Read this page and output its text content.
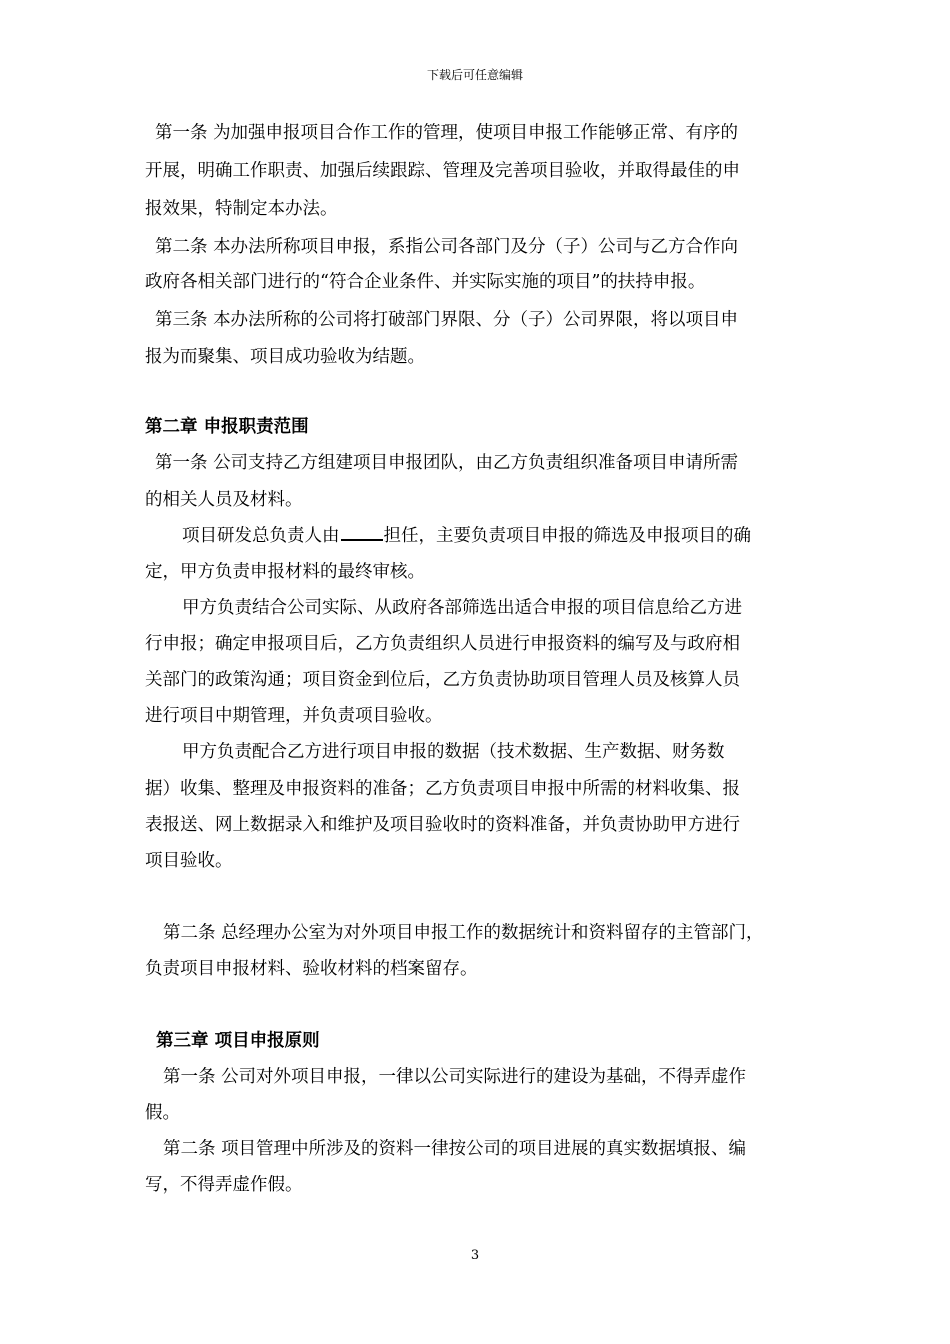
下载后可任意编辑
第一条 为加强申报项目合作工作的管理，使项目申报工作能够正常、有序的
开展，明确工作职责、加强后续跟踪、管理及完善项目验收，并取得最佳的申
报效果，特制定本办法。
第二条 本办法所称项目申报，系指公司各部门及分（子）公司与乙方合作向
政府各相关部门进行的“符合企业条件、并实际实施的项目”的扶持申报。
第三条 本办法所称的公司将打破部门界限、分（子）公司界限，将以项目申
报为而聚集、项目成功验收为结题。
第二章 申报职责范围
第一条 公司支持乙方组建项目申报团队，由乙方负责组织准备项目申请所需
的相关人员及材料。
项目研发总负责人由	担任，主要负责项目申报的筛选及申报项目的确
定，甲方负责申报材料的最终审核。
甲方负责结合公司实际、从政府各部筛选出适合申报的项目信息给乙方进
行申报；确定申报项目后，乙方负责组织人员进行申报资料的编写及与政府相
关部门的政策沟通；项目资金到位后，乙方负责协助项目管理人员及核算人员
进行项目中期管理，并负责项目验收。
甲方负责配合乙方进行项目申报的数据（技术数据、生产数据、财务数
据）收集、整理及申报资料的准备；乙方负责项目申报中所需的材料收集、报
表报送、网上数据录入和维护及项目验收时的资料准备，并负责协助甲方进行
项目验收。
第二条 总经理办公室为对外项目申报工作的数据统计和资料留存的主管部门，
负责项目申报材料、验收材料的档案留存。
第三章 项目申报原则
第一条 公司对外项目申报，一律以公司实际进行的建设为基础，不得弄虚作
假。
第二条 项目管理中所涉及的资料一律按公司的项目进展的真实数据填报、编
写，不得弄虚作假。
3
